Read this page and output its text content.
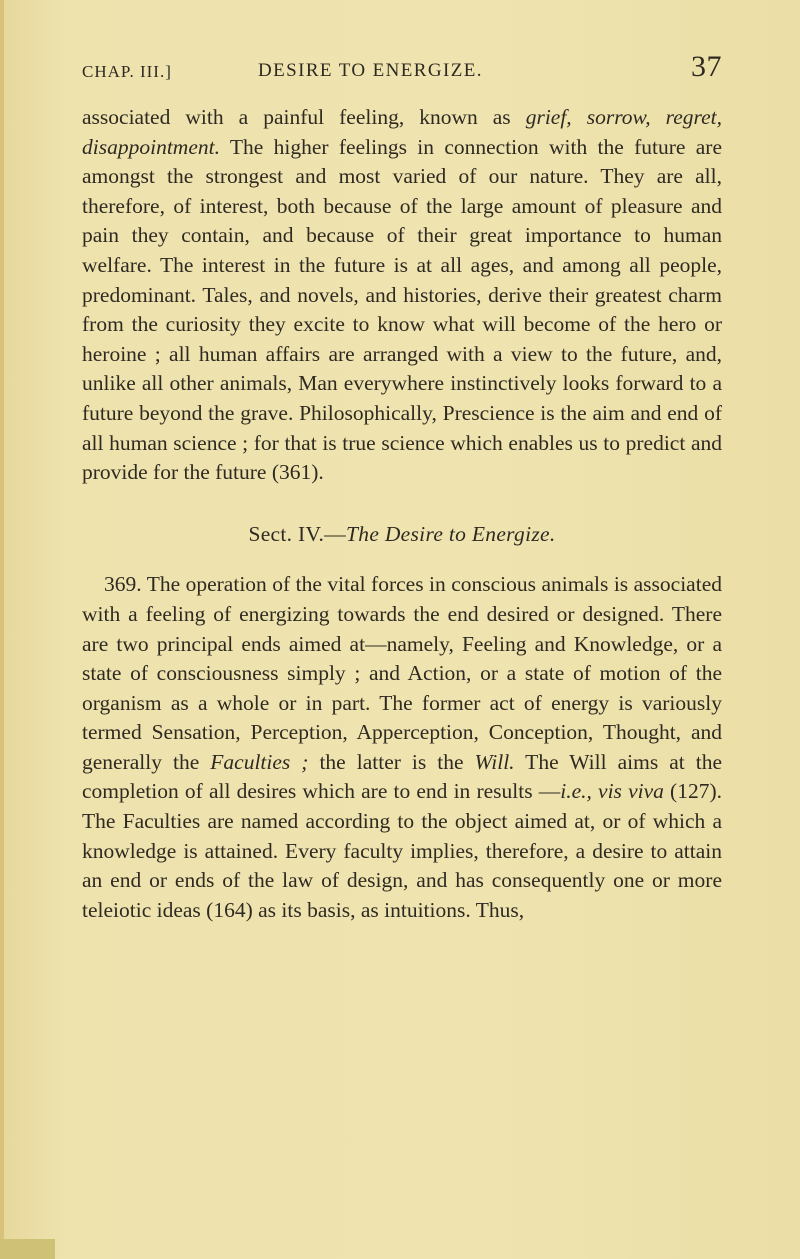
CHAP. III.]	DESIRE TO ENERGIZE.	37

associated with a painful feeling, known as grief, sorrow, regret, disappointment. The higher feelings in connection with the future are amongst the strongest and most varied of our nature. They are all, therefore, of interest, both because of the large amount of pleasure and pain they contain, and because of their great importance to human welfare. The interest in the future is at all ages, and among all people, predominant. Tales, and novels, and histories, derive their greatest charm from the curiosity they excite to know what will become of the hero or heroine ; all human affairs are arranged with a view to the future, and, unlike all other animals, Man everywhere instinctively looks forward to a future beyond the grave. Philosophically, Prescience is the aim and end of all human science ; for that is true science which enables us to predict and provide for the future (361).

Sect. IV.—The Desire to Energize.

369. The operation of the vital forces in conscious animals is associated with a feeling of energizing towards the end desired or designed. There are two principal ends aimed at—namely, Feeling and Knowledge, or a state of consciousness simply ; and Action, or a state of motion of the organism as a whole or in part. The former act of energy is variously termed Sensation, Perception, Apperception, Conception, Thought, and generally the Faculties ; the latter is the Will. The Will aims at the completion of all desires which are to end in results —i.e., vis viva (127). The Faculties are named according to the object aimed at, or of which a knowledge is attained. Every faculty implies, therefore, a desire to attain an end or ends of the law of design, and has consequently one or more teleiotic ideas (164) as its basis, as intuitions. Thus,
